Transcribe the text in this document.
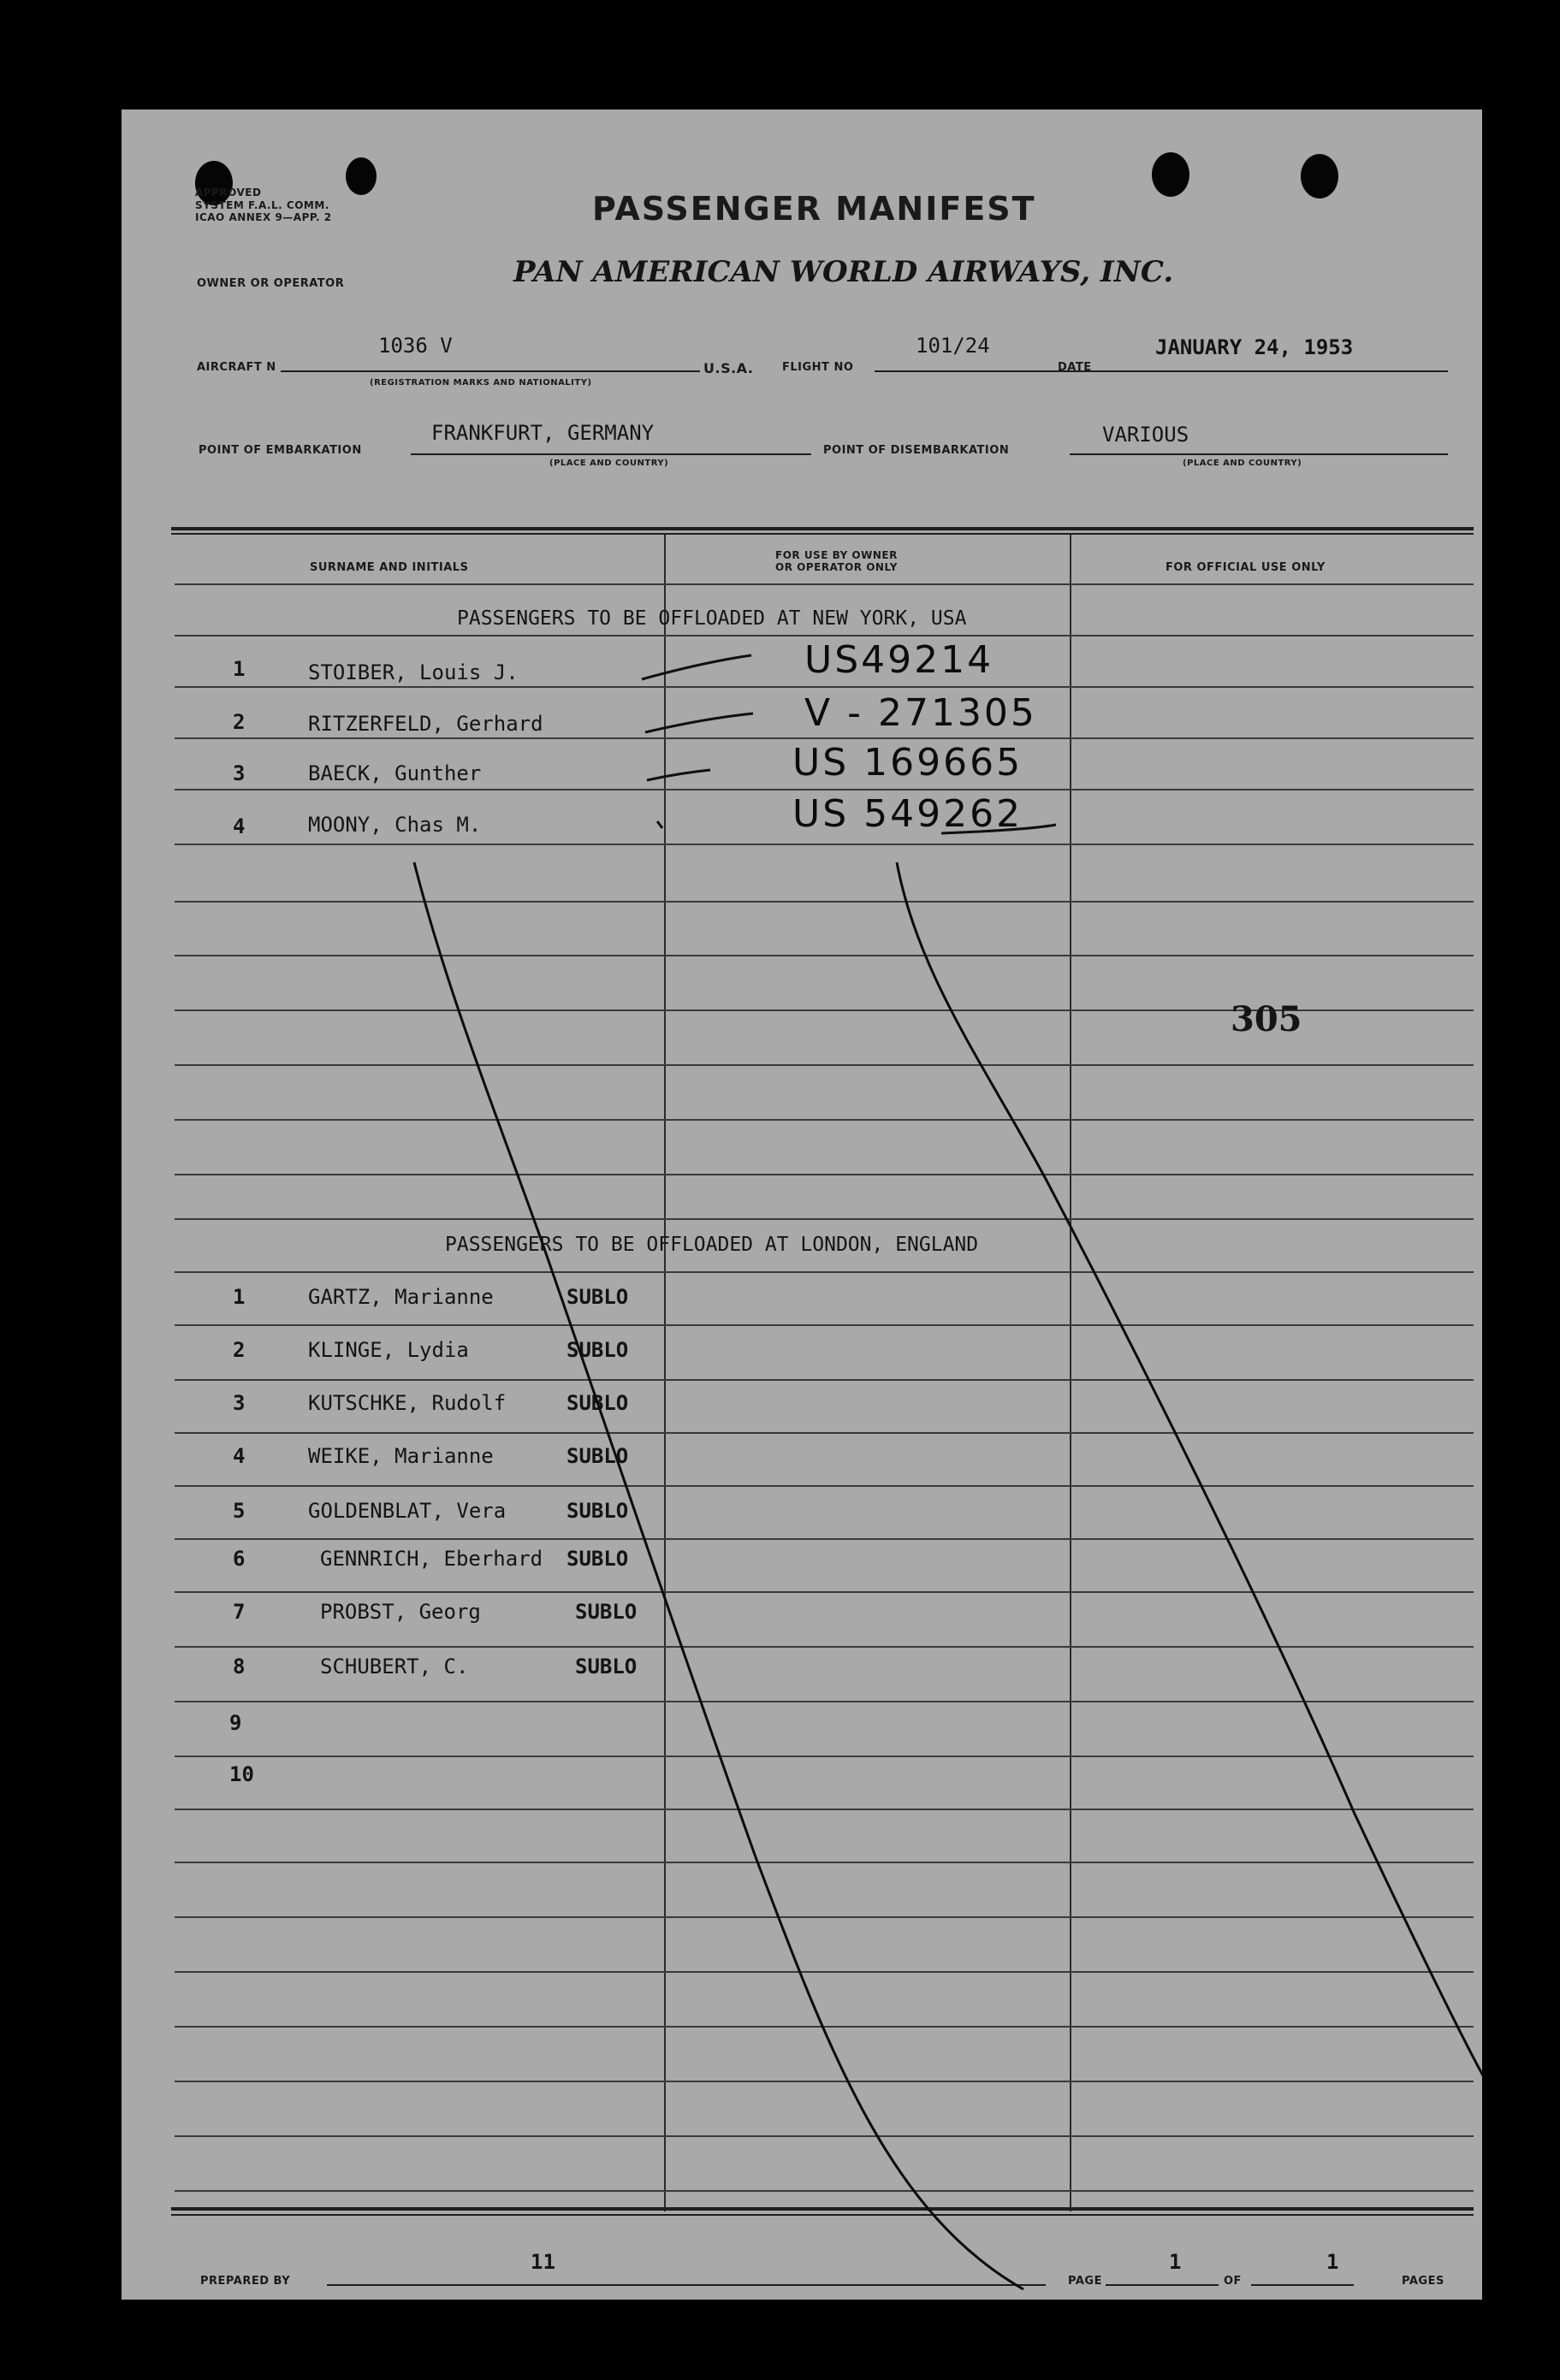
APPROVED
SYSTEM F.A.L. COMM.
ICAO ANNEX 9—APP. 2	PASSENGER MANIFEST
OWNER OR OPERATOR	PAN AMERICAN WORLD AIRWAYS, INC.
AIRCRAFT N
1036 V
(REGISTRATION MARKS AND NATIONALITY)
U.S.A.	FLIGHT NO
101/24
DATE
JANUARY 24, 1953
POINT OF EMBARKATION
FRANKFURT, GERMANY
(PLACE AND COUNTRY)
POINT OF DISEMBARKATION
VARIOUS
(PLACE AND COUNTRY)
SURNAME AND INITIALS
FOR USE BY OWNER
OR OPERATOR ONLY	FOR OFFICIAL USE ONLY
PASSENGERS TO BE OFFLOADED AT NEW YORK, USA
1	STOIBER, Louis J.	US49214
2	RITZERFELD, Gerhard	V - 271305
3	BAECK, Gunther	US 169665
4	MOONY, Chas M.	US 549262
305
PASSENGERS TO BE OFFLOADED AT LONDON, ENGLAND
1	GARTZ, Marianne	SUBLO
2	KLINGE, Lydia	SUBLO
3	KUTSCHKE, Rudolf	SUBLO
4	WEIKE, Marianne	SUBLO
5	GOLDENBLAT, Vera	SUBLO
6	GENNRICH, Eberhard SUBLO
7	PROBST, Georg	SUBLO
8	SCHUBERT, C.	SUBLO
9
10
PREPARED BY
11
PAGE
1
OF
1
PAGES
